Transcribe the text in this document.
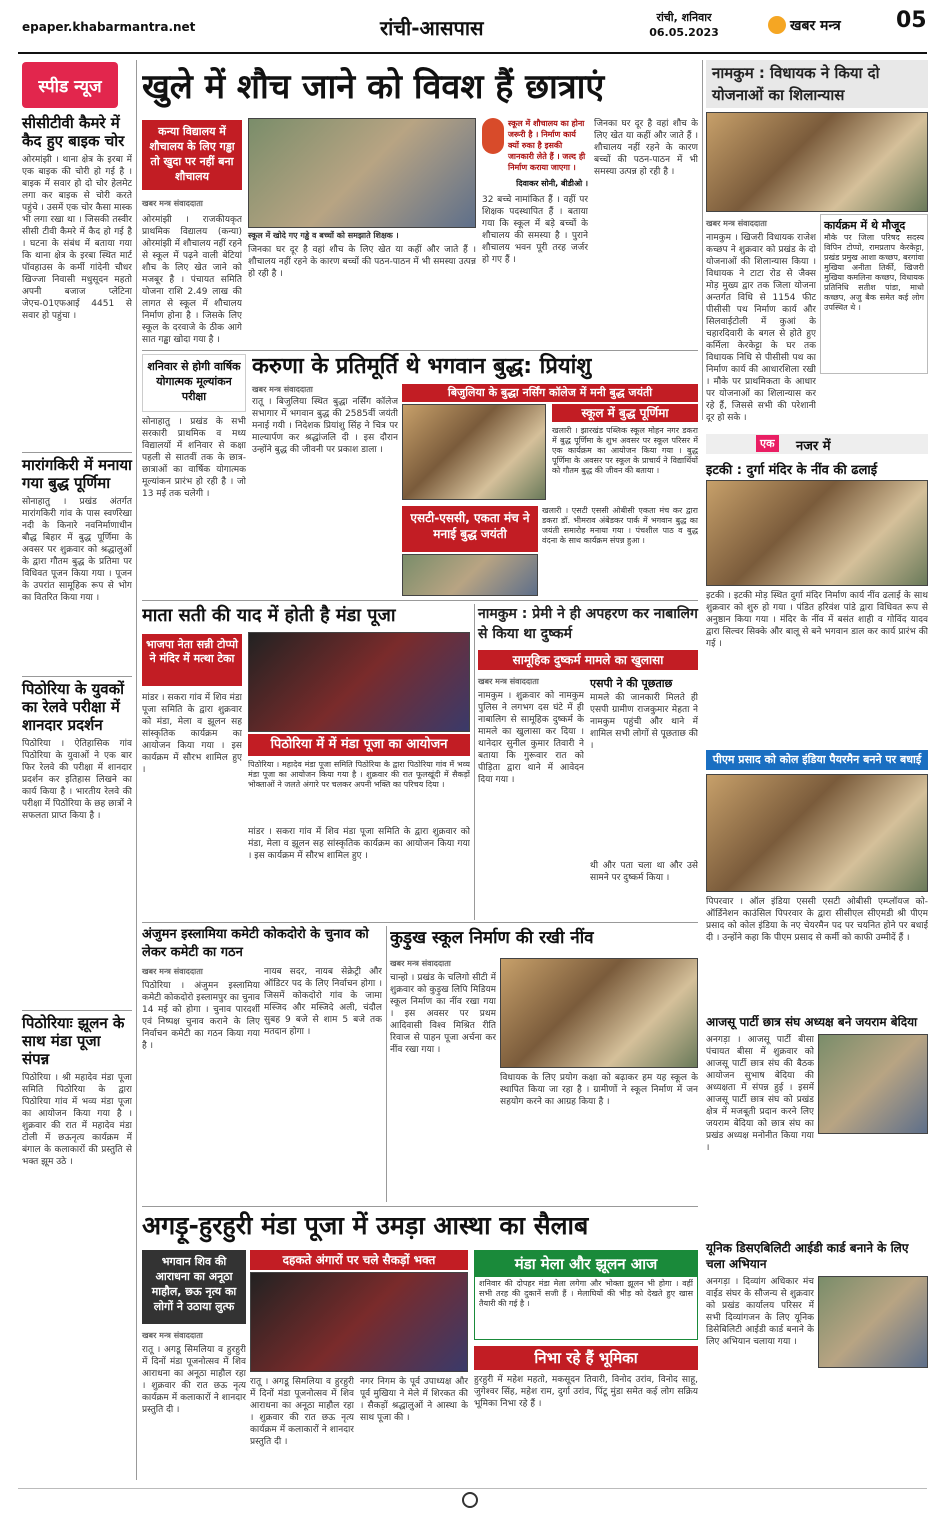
epaper.khabarmantra.net	रांची-आसपास	रांची, शनिवार
06.05.2023	खबर मन्त्र	05
स्पीड न्यूज
सीसीटीवी कैमरे में कैद हुए बाइक चोर
ओरमांझी । थाना क्षेत्र के इरबा में एक बाइक की चोरी हो गई है । बाइक में सवार हो दो चोर हेलमेट लगा कर बाइक से चोरी करते पहुंचे । उसमें एक चोर कैसा मास्क भी लगा रखा था । जिसकी तस्वीर सीसी टीवी कैमरे में कैद हो गई है । घटना के संबंध में बताया गया कि थाना क्षेत्र के इरबा स्थित मार्ट पॉवहाउस के कर्मी गांदेनी चौधर खिज्जा निवासी मधुसूदन महतो अपनी बजाज प्लेटिना जेएच-01एफआई 4451 से सवार हो पहुंचा ।
मारांगकिरी में मनाया गया बुद्ध पूर्णिमा
सोनाहातु । प्रखंड अंतर्गत मारांगकिरी गांव के पास स्वर्णरेखा नदी के किनारे नवनिर्माणाधीन बौद्ध बिहार में बुद्ध पूर्णिमा के अवसर पर शुक्रवार को श्रद्धालुओं के द्वारा गौतम बुद्ध के प्रतिमा पर विधिवत पूजन किया गया । पूजन के उपरांत सामूहिक रूप से भोग का वितरित किया गया ।
पिठोरिया के युवकों का रेलवे परीक्षा में शानदार प्रदर्शन
पिठोरिया । ऐतिहासिक गांव पिठोरिया के युवाओं ने एक बार फिर रेलवे की परीक्षा में शानदार प्रदर्शन कर इतिहास लिखने का कार्य किया है । भारतीय रेलवे की परीक्षा में पिठोरिया के छह छात्रों ने सफलता प्राप्त किया है ।
पिठोरियाः झूलन के साथ मंडा पूजा संपन्न
पिठोरिया । श्री महादेव मंडा पूजा समिति पिठोरिया के द्वारा पिठोरिया गांव में भव्य मंडा पूजा का आयोजन किया गया है । शुक्रवार की रात में महादेव मंडा टोली में छऊनृत्य कार्यक्रम में बंगाल के कलाकारों की प्रस्तुति से भक्त झूम उठे ।
खुले में शौच जाने को विवश हैं छात्राएं
कन्या विद्यालय में शौचालय के लिए गड्ढा तो खुदा पर नहीं बना शौचालय
खबर मन्त्र संवाददाता
स्कूल में खोदे गए गड्ढे व बच्चों को समझाते शिक्षक ।
ओरमांझी । राजकीयकृत प्राथमिक विद्यालय (कन्या) ओरमांझी में शौचालय नहीं रहने से स्कूल में पढ़ने वाली बेटियां शौच के लिए खेत जाने को मजबूर है । पंचायत समिति योजना राशि 2.49 लाख की लागत से स्कूल में शौचालय निर्माण होना है । जिसके लिए स्कूल के दरवाजे के ठीक आगे सात गड्ढा खोदा गया है ।
जिनका घर दूर है वहां शौच के लिए खेत या कहीं और जाते हैं । शौचालय नहीं रहने के कारण बच्चों की पठन-पाठन में भी समस्या उत्पन्न हो रही है ।
स्कूल में शौचालय का होना जरूरी है । निर्माण कार्य क्यों रुका है इसकी जानकारी लेते हैं । जल्द ही निर्माण कराया जाएगा ।
दिवाकर सोनी, बीडीओ ।
32 बच्चे नामांकित हैं । वहीं पर शिक्षक पदस्थापित हैं । बताया गया कि स्कूल में बड़े बच्चों के शौचालय की समस्या है । पुराने शौचालय भवन पूरी तरह जर्जर हो गए हैं ।
जिनका घर दूर है वहां शौच के लिए खेत या कहीं और जाते हैं । शौचालय नहीं रहने के कारण बच्चों की पठन-पाठन में भी समस्या उत्पन्न हो रही है ।
नामकुम : विधायक ने किया दो योजनाओं का शिलान्यास
खबर मन्त्र संवाददाता	कार्यक्रम में थे मौजूद
मौके पर जिला परिषद सदस्य विपिन टोप्पो, रामप्रताप केरकेट्टा, प्रखंड प्रमुख आशा कच्छप, बरगांवा मुखिया अनीता तिर्की, खिजरी मुखिया कमलिना कच्छप, विधायक प्रतिनिधि सतीश पांडा, माधो कच्छप, अजु बैक समेत कई लोग उपस्थित थे ।
नामकुम । खिजरी विधायक राजेश कच्छप ने शुक्रवार को प्रखंड के दो योजनाओं की शिलान्यास किया । विधायक ने टाटा रोड से जैक्स मोड़ मुख्य द्वार तक जिला योजना अन्तर्गत विधि से 1154 फीट पीसीसी पथ निर्माण कार्य और सिलवाईटोली में कुआं के चहारदिवारी के बगल से होते हुए कर्मिला केरकेट्टा के घर तक विधायक निधि से पीसीसी पथ का निर्माण कार्य की आधारशिला रखी । मौके पर प्राथमिकता के आधार पर योजनाओं का शिलान्यास कर रहे हैं, जिससे सभी की परेशानी दूर हो सके ।
शनिवार से होगी वार्षिक योगात्मक मूल्यांकन परीक्षा
सोनाहातु । प्रखंड के सभी सरकारी प्राथमिक व मध्य विद्यालयों में शनिवार से कक्षा पहली से सातवीं तक के छात्र-छात्राओं का वार्षिक योगात्मक मूल्यांकन प्रारंभ हो रही है । जो 13 मई तक चलेगी ।
करुणा के प्रतिमूर्ति थे भगवान बुद्ध: प्रियांशु
खबर मन्त्र संवाददाता
रातू । बिजुलिया स्थित बुद्धा नर्सिंग कॉलेज सभागार में भगवान बुद्ध की 2585वीं जयंती मनाई गयी । निदेशक प्रियांशु सिंह ने चित्र पर माल्यार्पण कर श्रद्धांजलि दी । इस दौरान उन्होंने बुद्ध की जीवनी पर प्रकाश डाला ।
बिजुलिया के बुद्धा नर्सिंग कॉलेज में मनी बुद्ध जयंती
स्कूल में बुद्ध पूर्णिमा
खलारी । झारखंड पब्लिक स्कूल मोहन नगर डकरा में बुद्ध पूर्णिमा के शुभ अवसर पर स्कूल परिसर में एक कार्यक्रम का आयोजन किया गया । बुद्ध पूर्णिमा के अवसर पर स्कूल के प्राचार्य ने विद्यार्थियों को गौतम बुद्ध की जीवन की बताया ।
एसटी-एससी, एकता मंच ने मनाई बुद्ध जयंती
खलारी । एसटी एससी ओबीसी एकता मंच कर द्वारा डकरा डॉ. भीमराव अंबेडकर पार्क में भगवान बुद्ध का जयंती समारोह मनाया गया । पंचशील पाठ व बुद्ध वंदना के साथ कार्यक्रम संपन्न हुआ ।
एक	नजर में
इटकी : दुर्गा मंदिर के नींव की ढलाई
इटकी । इटकी मोड़ स्थित दुर्गा मंदिर निर्माण कार्य नींव ढलाई के साथ शुक्रवार को शुरु हो गया । पंडित हरिवंश पांडे द्वारा विधिवत रूप से अनुष्ठान किया गया । मंदिर के नींव में बसंत शाही व गोविंद यादव द्वारा सिल्वर सिक्के और बालू से बने भगवान डाल कर कार्य प्रारंभ की गई ।
माता सती की याद में होती है मंडा पूजा
भाजपा नेता सन्नी टोप्पो ने मंदिर में मत्था टेका
पिठोरिया में में मंडा पूजा का आयोजन
पिठोरिया । महादेव मंडा पूजा समिति पिठोरिया के द्वारा पिठोरिया गांव में भव्य मंडा पूजा का आयोजन किया गया है । शुक्रवार की रात फूलखूंदी में सैकड़ों भोक्ताओं ने जलते अंगारे पर चलकर अपनी भक्ति का परिचय दिया ।
मांडर । सकरा गांव में शिव मंडा पूजा समिति के द्वारा शुक्रवार को मंडा, मेला व झूलन सह सांस्कृतिक कार्यक्रम का आयोजन किया गया । इस कार्यक्रम में सौरभ शामिल हुए ।
मांडर । सकरा गांव में शिव मंडा पूजा समिति के द्वारा शुक्रवार को मंडा, मेला व झूलन सह सांस्कृतिक कार्यक्रम का आयोजन किया गया । इस कार्यक्रम में सौरभ शामिल हुए ।
नामकुम : प्रेमी ने ही अपहरण कर नाबालिग से किया था दुष्कर्म
सामूहिक दुष्कर्म मामले का खुलासा
खबर मन्त्र संवाददाता
नामकुम । शुक्रवार को नामकुम पुलिस ने लगभग दस घंटे में ही नाबालिग से सामूहिक दुष्कर्म के मामले का खुलासा कर दिया । थानेदार सुनील कुमार तिवारी ने बताया कि गुरूवार रात को पीड़िता द्वारा थाने में आवेदन दिया गया ।
एसपी ने की पूछताछ
मामले की जानकारी मिलते ही एसपी ग्रामीण राजकुमार मेहता ने नामकुम पहुंची और थाने में शामिल सभी लोगों से पूछताछ की ।
थी और पता चला था और उसे सामने पर दुष्कर्म किया ।
पीएम प्रसाद को कोल इंडिया पैयरमैन बनने पर बधाई
पिपरवार । ऑल इंडिया एससी एसटी ओबीसी एम्प्लॉयज को-ऑर्डिनेशन काउंसिल पिपरवार के द्वारा सीसीएल सीएमडी श्री पीएम प्रसाद को कोल इंडिया के नए चेयरमैन पद पर चयनित होने पर बधाई दी । उन्होंने कहा कि पीएम प्रसाद से कर्मी को काफी उम्मीदें हैं ।
आजसू पार्टी छात्र संघ अध्यक्ष बने जयराम बेदिया
अनगड़ा । आजसू पार्टी बीसा पंचायत बीसा में शुक्रवार को आजसू पार्टी छात्र संघ की बैठक आयोजन सुभाष बेदिया की अध्यक्षता में संपन्न हुई । इसमें आजसू पार्टी छात्र संघ को प्रखंड क्षेत्र में मजबूती प्रदान करने लिए जयराम बेदिया को छात्र संघ का प्रखंड अध्यक्ष मनोनीत किया गया ।
अंजुमन इस्लामिया कमेटी कोकदोरो के चुनाव को लेकर कमेटी का गठन
खबर मन्त्र संवाददाता
पिठोरिया । अंजुमन इस्लामिया कमेटी कोकदोरो इस्लामपुर का चुनाव 14 मई को होगा । चुनाव पारदर्शी एवं निष्पक्ष चुनाव कराने के लिए निर्वाचन कमेटी का गठन किया गया है ।
नायब सदर, नायब सेक्रेट्री और ऑडिटर पद के लिए निर्वाचन होगा । जिसमें कोकदोरो गांव के जामा मस्जिद और मस्जिदे अली, चंदौल सुबह 9 बजे से शाम 5 बजे तक मतदान होगा ।
कुड़ुख स्कूल निर्माण की रखी नींव
खबर मन्त्र संवाददाता
चान्हो । प्रखंड के चलिगो सीटी में शुक्रवार को कुड़ुख लिपि मिडियम स्कूल निर्माण का नींव रखा गया । इस अवसर पर प्रथम आदिवासी विश्व मिश्रित रीति रिवाज से पाहन पूजा अर्चना कर नींव रखा गया ।
विधायक के लिए प्रयोग कक्षा को बढ़ाकर हम यह स्कूल के स्थापित किया जा रहा है । ग्रामीणों ने स्कूल निर्माण में जन सहयोग करने का आग्रह किया है ।
यूनिक डिसएबिलिटी आईडी कार्ड बनाने के लिए चला अभियान
अनगड़ा । दिव्यांग अधिकार मंच वाईड संघर के सौजन्य से शुक्रवार को प्रखंड कार्यालय परिसर में सभी दिव्यांगजन के लिए यूनिक डिसेबिलिटी आईडी कार्ड बनाने के लिए अभियान चलाया गया ।
अगड़ू-हुरहुरी मंडा पूजा में उमड़ा आस्था का सैलाब
भगवान शिव की आराधना का अनूठा माहौल, छऊ नृत्य का लोगों ने उठाया लुत्फ
खबर मन्त्र संवाददाता
रातू । अगडू सिमलिया व हुरहुरी में दिनों मंडा पूजनोत्सव में शिव आराधना का अनूठा माहौल रहा । शुक्रवार की रात छऊ नृत्य कार्यक्रम में कलाकारों ने शानदार प्रस्तुति दी ।
दहकते अंगारों पर चले सैकड़ों भक्त
रातू । अगडू सिमलिया व हुरहुरी में दिनों मंडा पूजनोत्सव में शिव आराधना का अनूठा माहौल रहा । शुक्रवार की रात छऊ नृत्य कार्यक्रम में कलाकारों ने शानदार प्रस्तुति दी ।
नगर निगम के पूर्व उपाध्यक्ष और पूर्व मुखिया ने मेले में शिरकत की । सैकड़ों श्रद्धालुओं ने आस्था के साथ पूजा की ।
मंडा मेला और झूलन आज
शनिवार की दोपहर मंडा मेला लगेगा और भोक्ता झूलन भी होगा । वहीं सभी तरह की दुकानें सजी हैं । मेलाघियों की भीड़ को देखते हुए खास तैयारी की गई है ।
निभा रहे हैं भूमिका
हुरहुरी में महेश महतो, मकसूदन तिवारी, विनोद उरांव, विनोद साहू, जुगेश्वर सिंह, महेश राम, दुर्गा उरांव, पिंटू मुंडा समेत कई लोग सक्रिय भूमिका निभा रहे हैं ।
